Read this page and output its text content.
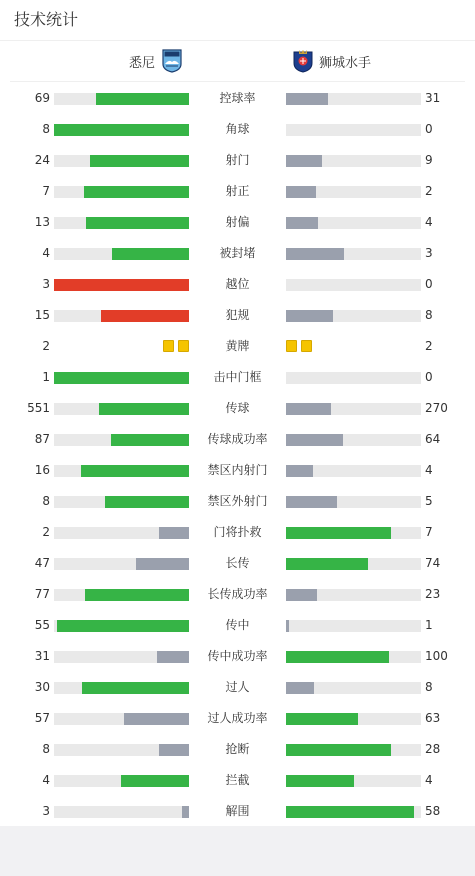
技术统计
悉尼	狮城水手
69	控球率	31
8	角球	0
24	射门	9
7	射正	2
13	射偏	4
4	被封堵	3
3	越位	0
15	犯规	8
2	黄牌	2
1	击中门框	0
551	传球	270
87	传球成功率	64
16	禁区内射门	4
8	禁区外射门	5
2	门将扑救	7
47	长传	74
77	长传成功率	23
55	传中	1
31	传中成功率	100
30	过人	8
57	过人成功率	63
8	抢断	28
4	拦截	4
3	解围	58
